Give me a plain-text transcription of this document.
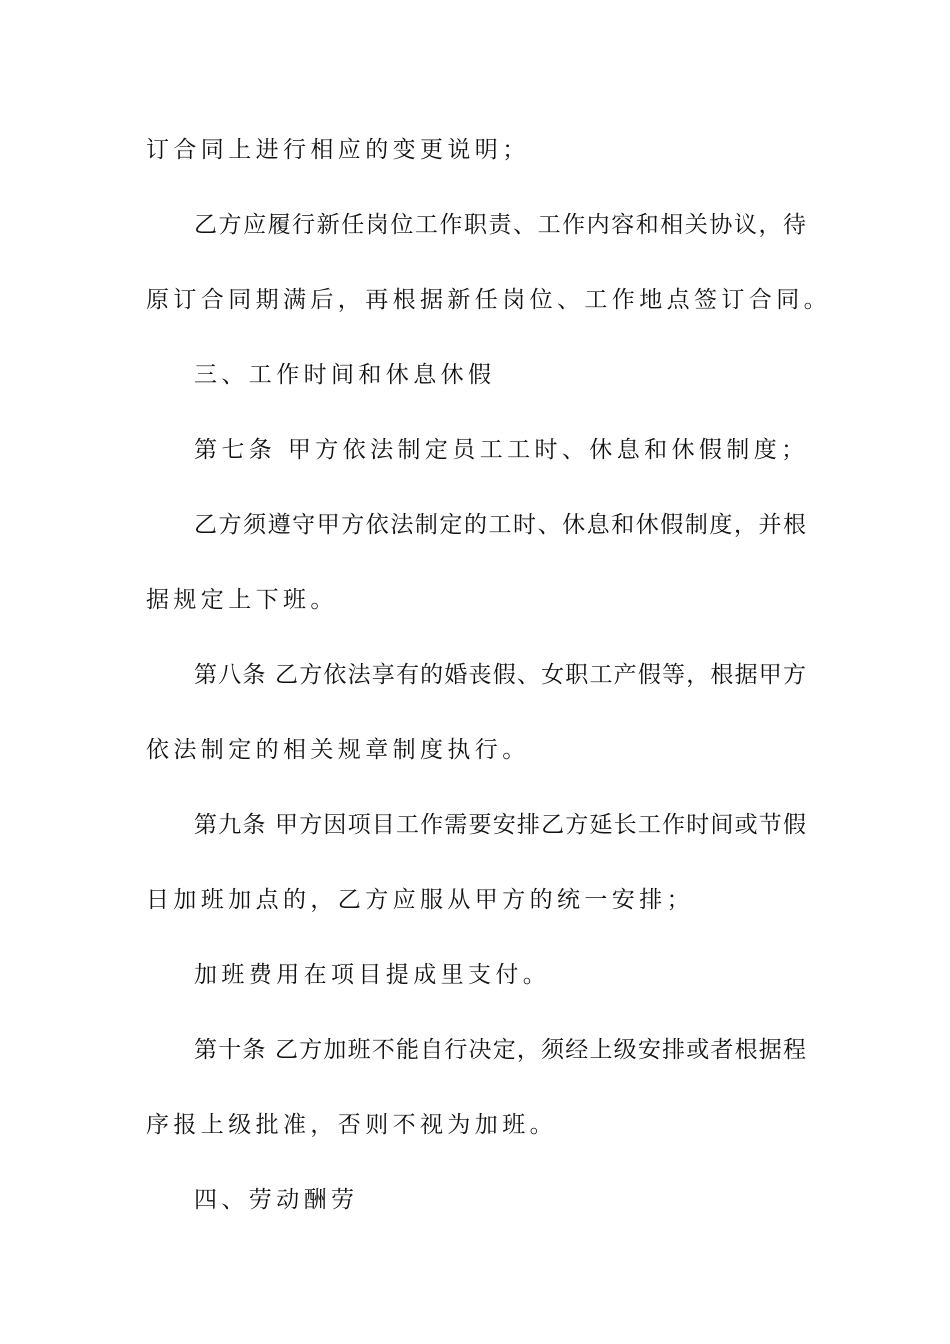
订合同上进行相应的变更说明；
乙方应履行新任岗位工作职责、工作内容和相关协议，待
原订合同期满后，再根据新任岗位、工作地点签订合同。
三、工作时间和休息休假
第七条 甲方依法制定员工工时、休息和休假制度；
乙方须遵守甲方依法制定的工时、休息和休假制度，并根
据规定上下班。
第八条 乙方依法享有的婚丧假、女职工产假等，根据甲方
依法制定的相关规章制度执行。
第九条 甲方因项目工作需要安排乙方延长工作时间或节假
日加班加点的，乙方应服从甲方的统一安排；
加班费用在项目提成里支付。
第十条 乙方加班不能自行决定，须经上级安排或者根据程
序报上级批准，否则不视为加班。
四、劳动酬劳
